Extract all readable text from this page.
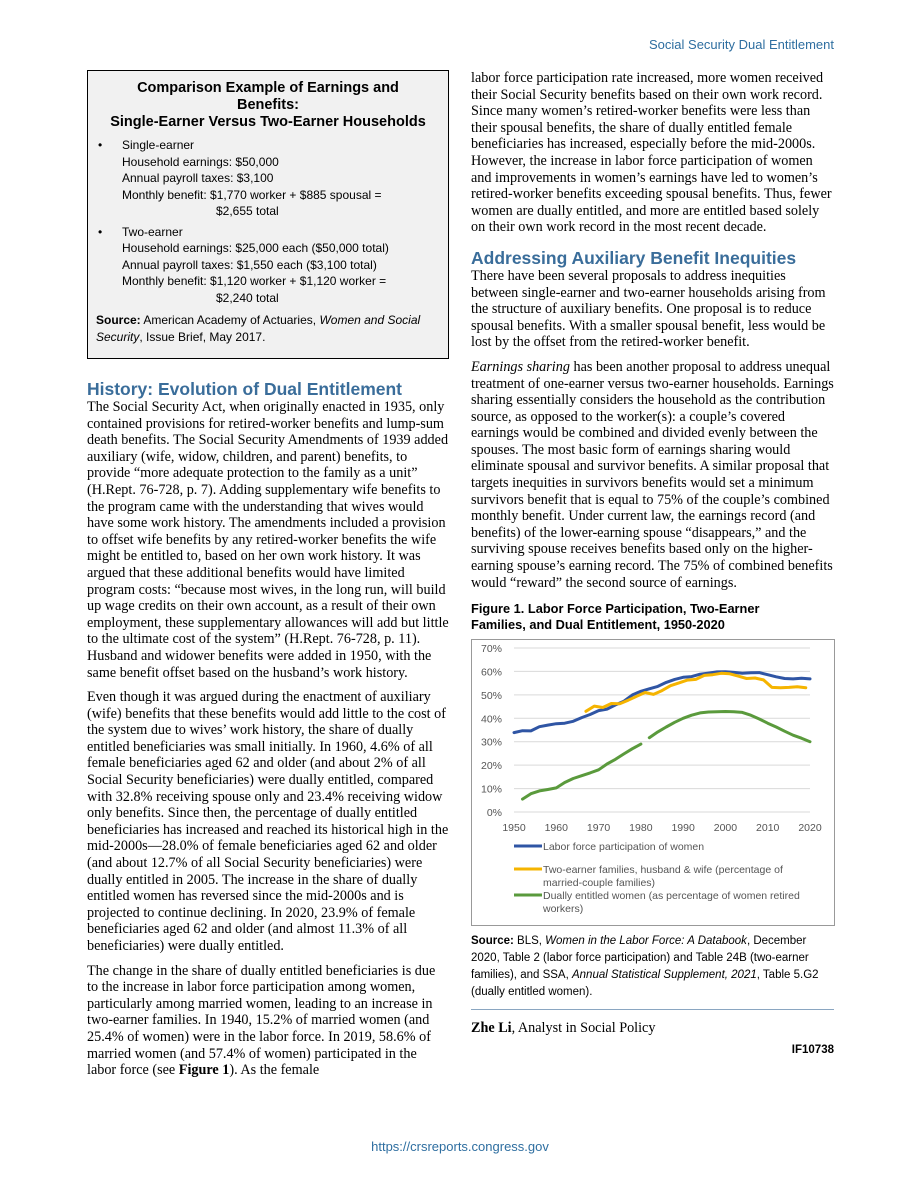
Social Security Dual Entitlement
Comparison Example of Earnings and
Benefits:
Single-Earner Versus Two-Earner Households
• Single-earner
Household earnings: $50,000
Annual payroll taxes: $3,100
Monthly benefit: $1,770 worker + $885 spousal =
$2,655 total
• Two-earner
Household earnings: $25,000 each ($50,000 total)
Annual payroll taxes: $1,550 each ($3,100 total)
Monthly benefit: $1,120 worker + $1,120 worker =
$2,240 total
Source: American Academy of Actuaries, Women and Social Security, Issue Brief, May 2017.
History: Evolution of Dual Entitlement

The Social Security Act, when originally enacted in 1935, only contained provisions for retired-worker benefits and lump-sum death benefits. The Social Security Amendments of 1939 added auxiliary (wife, widow, children, and parent) benefits, to provide “more adequate protection to the family as a unit” (H.Rept. 76-728, p. 7). Adding supplementary wife benefits to the program came with the understanding that wives would have some work history. The amendments included a provision to offset wife benefits by any retired-worker benefits the wife might be entitled to, based on her own work history. It was argued that these additional benefits would have limited program costs: “because most wives, in the long run, will build up wage credits on their own account, as a result of their own employment, these supplementary allowances will add but little to the ultimate cost of the system” (H.Rept. 76-728, p. 11). Husband and widower benefits were added in 1950, with the same benefit offset based on the husband’s work history.

Even though it was argued during the enactment of auxiliary (wife) benefits that these benefits would add little to the cost of the system due to wives’ work history, the share of dually entitled beneficiaries was small initially. In 1960, 4.6% of all female beneficiaries aged 62 and older (and about 2% of all Social Security beneficiaries) were dually entitled, compared with 32.8% receiving spouse only and 23.4% receiving widow only benefits. Since then, the percentage of dually entitled beneficiaries has increased and reached its historical high in the mid-2000s—28.0% of female beneficiaries aged 62 and older (and about 12.7% of all Social Security beneficiaries) were dually entitled in 2005. The increase in the share of dually entitled women has reversed since the mid-2000s and is projected to continue declining. In 2020, 23.9% of female beneficiaries aged 62 and older (and almost 11.3% of all beneficiaries) were dually entitled.

The change in the share of dually entitled beneficiaries is due to the increase in labor force participation among women, particularly among married women, leading to an increase in two-earner families. In 1940, 15.2% of married women (and 25.4% of women) were in the labor force. In 2019, 58.6% of married women (and 57.4% of women) participated in the labor force (see Figure 1). As the female

labor force participation rate increased, more women received their Social Security benefits based on their own work record. Since many women’s retired-worker benefits were less than their spousal benefits, the share of dually entitled female beneficiaries has increased, especially before the mid-2000s. However, the increase in labor force participation of women and improvements in women’s earnings have led to women’s retired-worker benefits exceeding spousal benefits. Thus, fewer women are dually entitled, and more are entitled based solely on their own work record in the most recent decade.

Addressing Auxiliary Benefit Inequities

There have been several proposals to address inequities between single-earner and two-earner households arising from the structure of auxiliary benefits. One proposal is to reduce spousal benefits. With a smaller spousal benefit, less would be lost by the offset from the retired-worker benefit.

Earnings sharing has been another proposal to address unequal treatment of one-earner versus two-earner households. Earnings sharing essentially considers the household as the contribution source, as opposed to the worker(s): a couple’s covered earnings would be combined and divided evenly between the spouses. The most basic form of earnings sharing would eliminate spousal and survivor benefits. A similar proposal that targets inequities in survivors benefits would set a minimum survivors benefit that is equal to 75% of the couple’s combined monthly benefit. Under current law, the earnings record (and benefits) of the lower-earning spouse “disappears,” and the surviving spouse receives benefits based only on the higher-earning spouse’s earning record. The 75% of combined benefits would “reward” the second source of earnings.

Figure 1. Labor Force Participation, Two-Earner
Families, and Dual Entitlement, 1950-2020
0%
10%
20%
30%
40%
50%
60%
70%
1950 1960 1970 1980 1990 2000 2010 2020
Labor force participation of women
Two-earner families, husband & wife (percentage of
married-couple families)
Dually entitled women (as percentage of women retired
workers)
Source: BLS, Women in the Labor Force: A Databook, December 2020, Table 2 (labor force participation) and Table 24B (two-earner families), and SSA, Annual Statistical Supplement, 2021, Table 5.G2 (dually entitled women).
Zhe Li, Analyst in Social Policy
IF10738
https://crsreports.congress.gov
